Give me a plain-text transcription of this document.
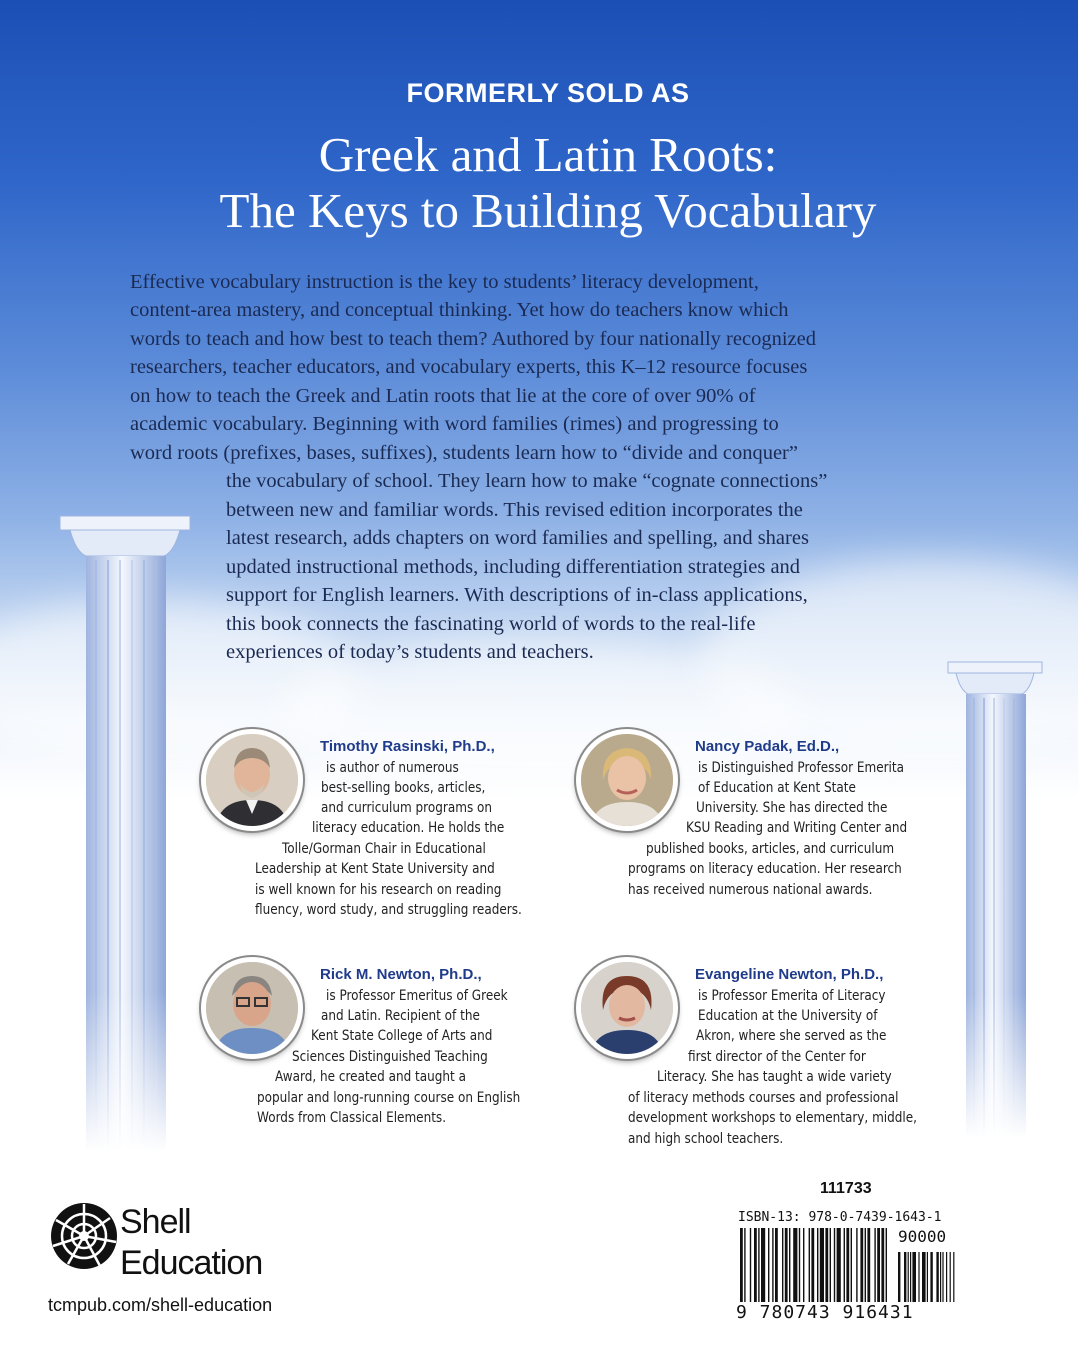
FORMERLY SOLD AS
Greek and Latin Roots:
The Keys to Building Vocabulary
Effective vocabulary instruction is the key to students’ literacy development,
content-area mastery, and conceptual thinking. Yet how do teachers know which
words to teach and how best to teach them? Authored by four nationally recognized
researchers, teacher educators, and vocabulary experts, this K–12 resource focuses
on how to teach the Greek and Latin roots that lie at the core of over 90% of
academic vocabulary. Beginning with word families (rimes) and progressing to
word roots (prefixes, bases, suffixes), students learn how to “divide and conquer”
the vocabulary of school. They learn how to make “cognate connections”
between new and familiar words. This revised edition incorporates the
latest research, adds chapters on word families and spelling, and shares
updated instructional methods, including differentiation strategies and
support for English learners. With descriptions of in-class applications,
this book connects the fascinating world of words to the real-life
experiences of today’s students and teachers.
Timothy Rasinski, Ph.D.,
is author of numerous
best-selling books, articles,
and curriculum programs on
literacy education. He holds the
Tolle/Gorman Chair in Educational
Leadership at Kent State University and
is well known for his research on reading
fluency, word study, and struggling readers.
Nancy Padak, Ed.D.,
is Distinguished Professor Emerita
of Education at Kent State
University. She has directed the
KSU Reading and Writing Center and
published books, articles, and curriculum
programs on literacy education. Her research
has received numerous national awards.
Rick M. Newton, Ph.D.,
is Professor Emeritus of Greek
and Latin. Recipient of the
Kent State College of Arts and
Sciences Distinguished Teaching
Award, he created and taught a
popular and long-running course on English
Words from Classical Elements.
Evangeline Newton, Ph.D.,
is Professor Emerita of Literacy
Education at the University of
Akron, where she served as the
first director of the Center for
Literacy. She has taught a wide variety
of literacy methods courses and professional
development workshops to elementary, middle,
and high school teachers.
Shell
Education
tcmpub.com/shell-education
111733
ISBN-13: 978-0-7439-1643-1
90000
9 780743 916431
